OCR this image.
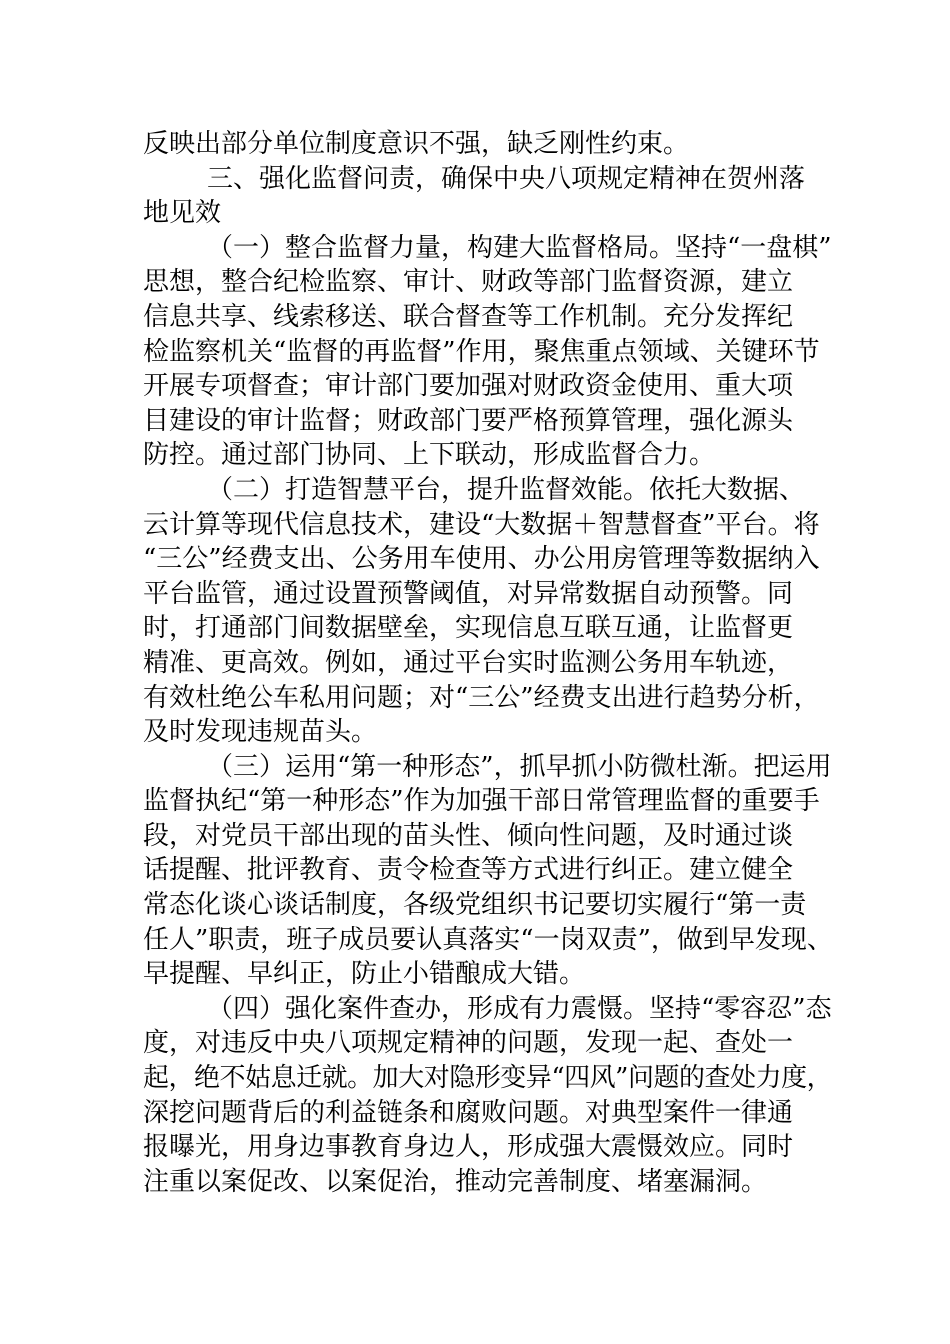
反映出部分单位制度意识不强，缺乏刚性约束。
三、强化监督问责，确保中央八项规定精神在贺州落
地见效
（一）整合监督力量，构建大监督格局。坚持“一盘棋”
思想，整合纪检监察、审计、财政等部门监督资源，建立
信息共享、线索移送、联合督查等工作机制。充分发挥纪
检监察机关“监督的再监督”作用，聚焦重点领域、关键环节
开展专项督查；审计部门要加强对财政资金使用、重大项
目建设的审计监督；财政部门要严格预算管理，强化源头
防控。通过部门协同、上下联动，形成监督合力。
（二）打造智慧平台，提升监督效能。依托大数据、
云计算等现代信息技术，建设“大数据＋智慧督查”平台。将
“三公”经费支出、公务用车使用、办公用房管理等数据纳入
平台监管，通过设置预警阈值，对异常数据自动预警。同
时，打通部门间数据壁垒，实现信息互联互通，让监督更
精准、更高效。例如，通过平台实时监测公务用车轨迹，
有效杜绝公车私用问题；对“三公”经费支出进行趋势分析，
及时发现违规苗头。
（三）运用“第一种形态”，抓早抓小防微杜渐。把运用
监督执纪“第一种形态”作为加强干部日常管理监督的重要手
段，对党员干部出现的苗头性、倾向性问题，及时通过谈
话提醒、批评教育、责令检查等方式进行纠正。建立健全
常态化谈心谈话制度，各级党组织书记要切实履行“第一责
任人”职责，班子成员要认真落实“一岗双责”，做到早发现、
早提醒、早纠正，防止小错酿成大错。
（四）强化案件查办，形成有力震慑。坚持“零容忍”态
度，对违反中央八项规定精神的问题，发现一起、查处一
起，绝不姑息迁就。加大对隐形变异“四风”问题的查处力度，
深挖问题背后的利益链条和腐败问题。对典型案件一律通
报曝光，用身边事教育身边人，形成强大震慑效应。同时
注重以案促改、以案促治，推动完善制度、堵塞漏洞。
